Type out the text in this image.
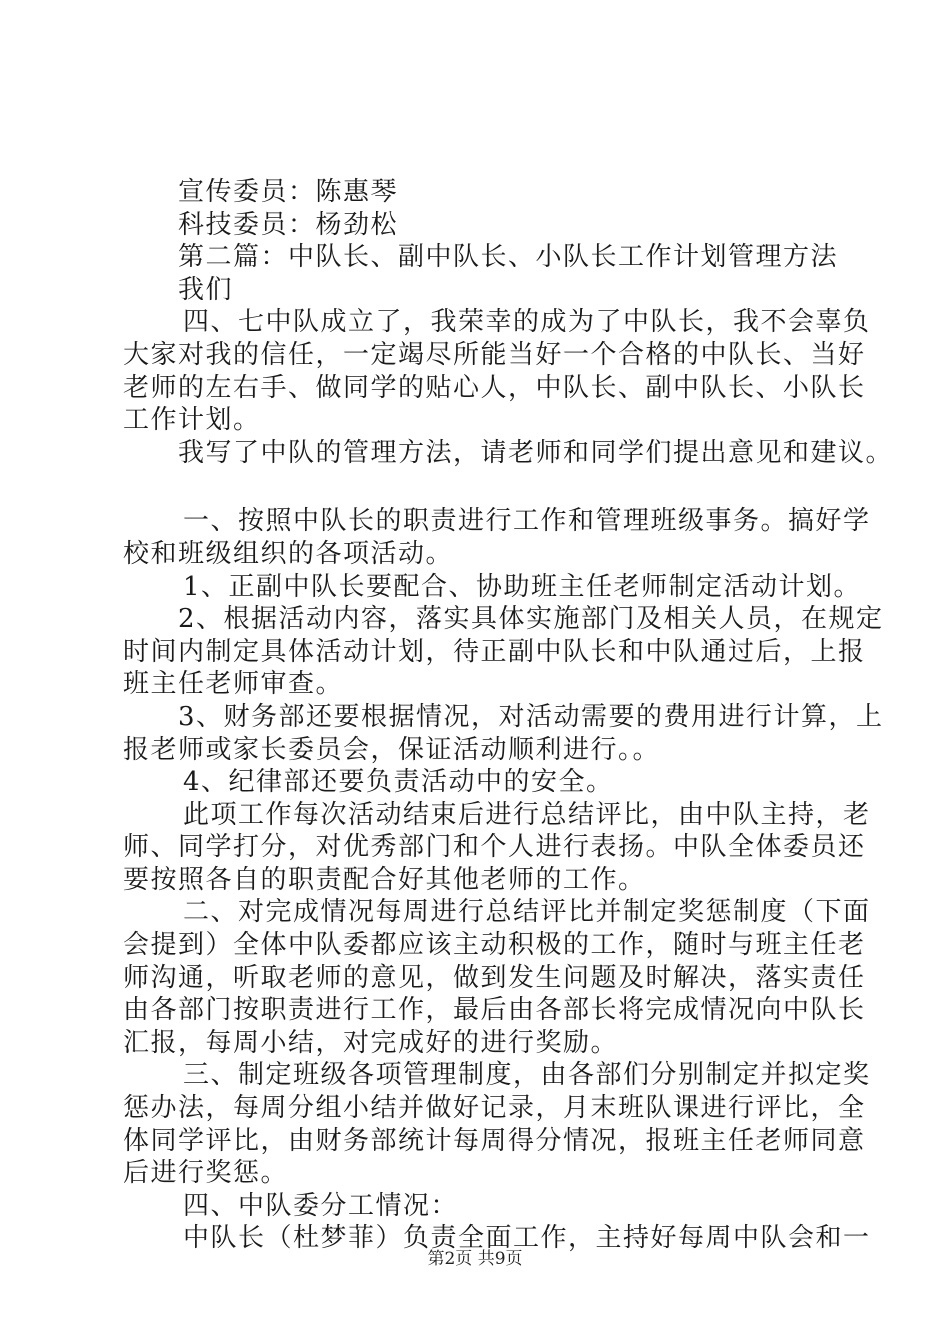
宣传委员：陈惠琴
科技委员：杨劲松
第二篇：中队长、副中队长、小队长工作计划管理方法
我们
四、七中队成立了，我荣幸的成为了中队长，我不会辜负
大家对我的信任，一定竭尽所能当好一个合格的中队长、当好
老师的左右手、做同学的贴心人，中队长、副中队长、小队长
工作计划。
我写了中队的管理方法，请老师和同学们提出意见和建议。
一、按照中队长的职责进行工作和管理班级事务。搞好学
校和班级组织的各项活动。
1、正副中队长要配合、协助班主任老师制定活动计划。
2、根据活动内容，落实具体实施部门及相关人员，在规定
时间内制定具体活动计划，待正副中队长和中队通过后，上报
班主任老师审查。
3、财务部还要根据情况，对活动需要的费用进行计算，上
报老师或家长委员会，保证活动顺利进行。。
4、纪律部还要负责活动中的安全。
此项工作每次活动结束后进行总结评比，由中队主持，老
师、同学打分，对优秀部门和个人进行表扬。中队全体委员还
要按照各自的职责配合好其他老师的工作。
二、对完成情况每周进行总结评比并制定奖惩制度（下面
会提到）全体中队委都应该主动积极的工作，随时与班主任老
师沟通，听取老师的意见，做到发生问题及时解决，落实责任
由各部门按职责进行工作，最后由各部长将完成情况向中队长
汇报，每周小结，对完成好的进行奖励。
三、制定班级各项管理制度，由各部们分别制定并拟定奖
惩办法，每周分组小结并做好记录，月末班队课进行评比，全
体同学评比，由财务部统计每周得分情况，报班主任老师同意
后进行奖惩。
四、中队委分工情况：
中队长（杜梦菲）负责全面工作，主持好每周中队会和一
第2页 共9页
